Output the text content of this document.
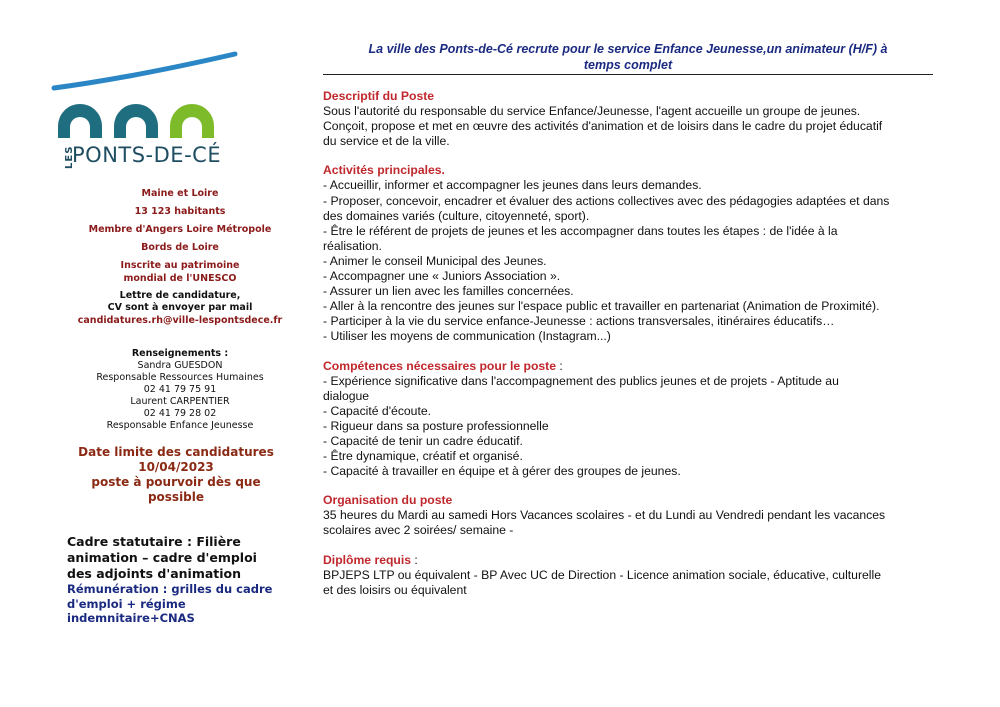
LES
PONTS-DE-CÉ
Maine et Loire
13 123 habitants
Membre d'Angers Loire Métropole
Bords de Loire
Inscrite au patrimoine
mondial de l'UNESCO
Lettre de candidature,
CV sont à envoyer par mail
candidatures.rh@ville-lespontsdece.fr
Renseignements :
Sandra GUESDON
Responsable Ressources Humaines
02 41 79 75 91
Laurent CARPENTIER
02 41 79 28 02
Responsable Enfance Jeunesse
Date limite des candidatures
10/04/2023
poste à pourvoir dès que
possible
Cadre statutaire : Filière
animation – cadre d'emploi
des adjoints d'animation
Rémunération : grilles du cadre
d'emploi + régime
indemnitaire+CNAS
La ville des Ponts-de-Cé recrute pour le service Enfance Jeunesse,un animateur (H/F) à
temps complet
Descriptif du Poste
Sous l'autorité du responsable du service Enfance/Jeunesse, l'agent accueille un groupe de jeunes.
Conçoit, propose et met en œuvre des activités d'animation et de loisirs dans le cadre du projet éducatif
du service et de la ville.
Activités principales.
- Accueillir, informer et accompagner les jeunes dans leurs demandes.
- Proposer, concevoir, encadrer et évaluer des actions collectives avec des pédagogies adaptées et dans
des domaines variés (culture, citoyenneté, sport).
- Être le référent de projets de jeunes et les accompagner dans toutes les étapes : de l'idée à la
réalisation.
- Animer le conseil Municipal des Jeunes.
- Accompagner une « Juniors Association ».
- Assurer un lien avec les familles concernées.
- Aller à la rencontre des jeunes sur l'espace public et travailler en partenariat (Animation de Proximité).
- Participer à la vie du service enfance-Jeunesse : actions transversales, itinéraires éducatifs…
- Utiliser les moyens de communication (Instagram...)
Compétences nécessaires pour le poste :
- Expérience significative dans l'accompagnement des publics jeunes et de projets - Aptitude au
dialogue
- Capacité d'écoute.
- Rigueur dans sa posture professionnelle
- Capacité de tenir un cadre éducatif.
- Être dynamique, créatif et organisé.
- Capacité à travailler en équipe et à gérer des groupes de jeunes.
Organisation du poste
35 heures du Mardi au samedi Hors Vacances scolaires - et du Lundi au Vendredi pendant les vacances
scolaires avec 2 soirées/ semaine -
Diplôme requis :
BPJEPS LTP ou équivalent - BP Avec UC de Direction - Licence animation sociale, éducative, culturelle
et des loisirs ou équivalent
